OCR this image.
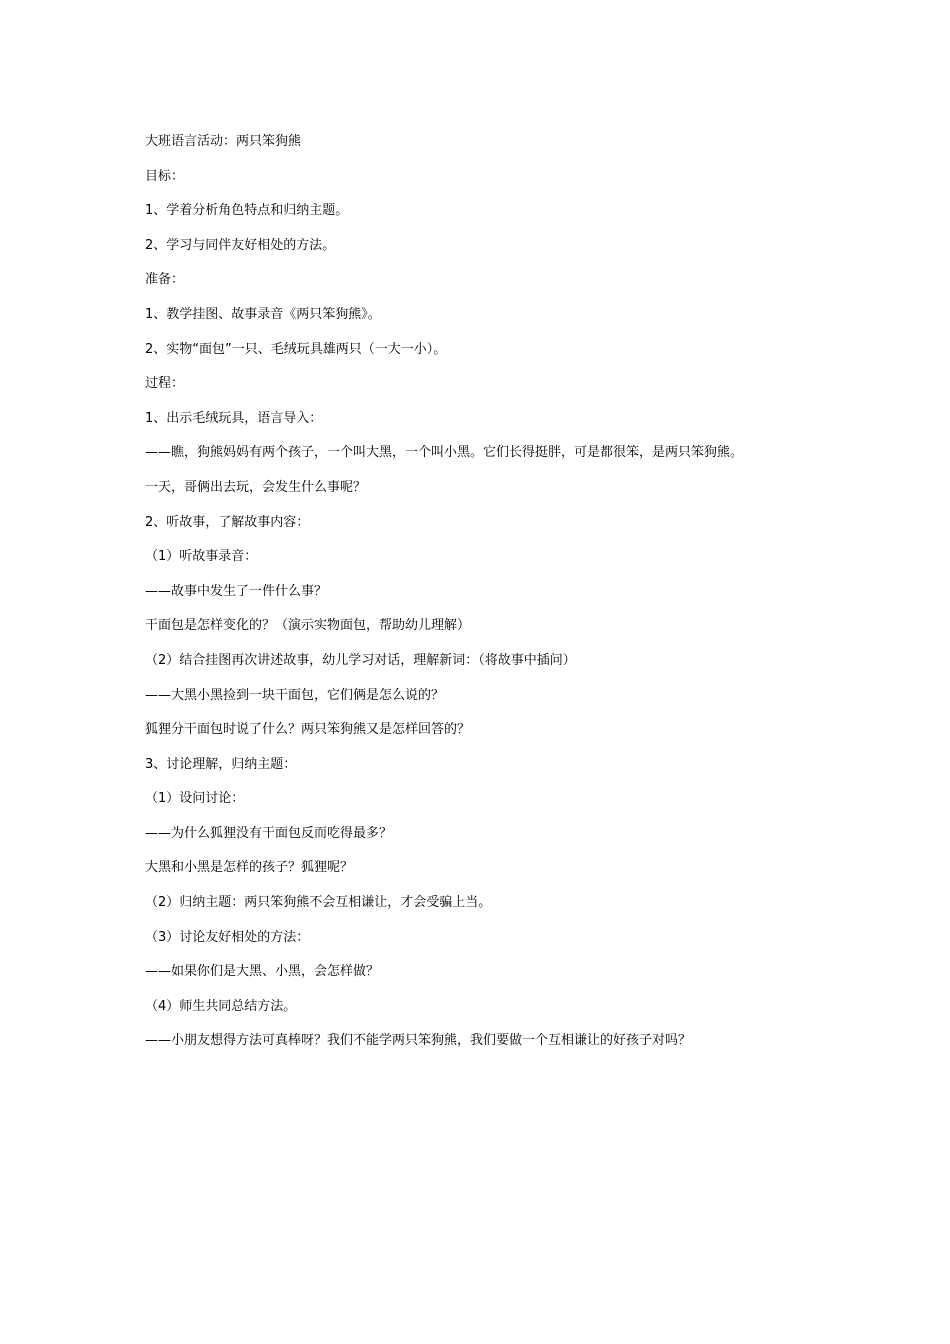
大班语言活动：两只笨狗熊
目标：
1、学着分析角色特点和归纳主题。
2、学习与同伴友好相处的方法。
准备：
1、教学挂图、故事录音《两只笨狗熊》。
2、实物“面包”一只、毛绒玩具雄两只（一大一小）。
过程：
1、出示毛绒玩具，语言导入：
——瞧，狗熊妈妈有两个孩子，一个叫大黑，一个叫小黑。它们长得挺胖，可是都很笨，是两只笨狗熊。
一天，哥俩出去玩，会发生什么事呢？
2、听故事，了解故事内容：
（1）听故事录音：
——故事中发生了一件什么事？
干面包是怎样变化的？（演示实物面包，帮助幼儿理解）
（2）结合挂图再次讲述故事，幼儿学习对话，理解新词：（将故事中插问）
——大黑小黑捡到一块干面包，它们俩是怎么说的？
狐狸分干面包时说了什么？两只笨狗熊又是怎样回答的？
3、讨论理解，归纳主题：
（1）设问讨论：
——为什么狐狸没有干面包反而吃得最多？
大黑和小黑是怎样的孩子？狐狸呢？
（2）归纳主题：两只笨狗熊不会互相谦让，才会受骗上当。
（3）讨论友好相处的方法：
——如果你们是大黑、小黑，会怎样做？
（4）师生共同总结方法。
——小朋友想得方法可真棒呀？我们不能学两只笨狗熊，我们要做一个互相谦让的好孩子对吗？
